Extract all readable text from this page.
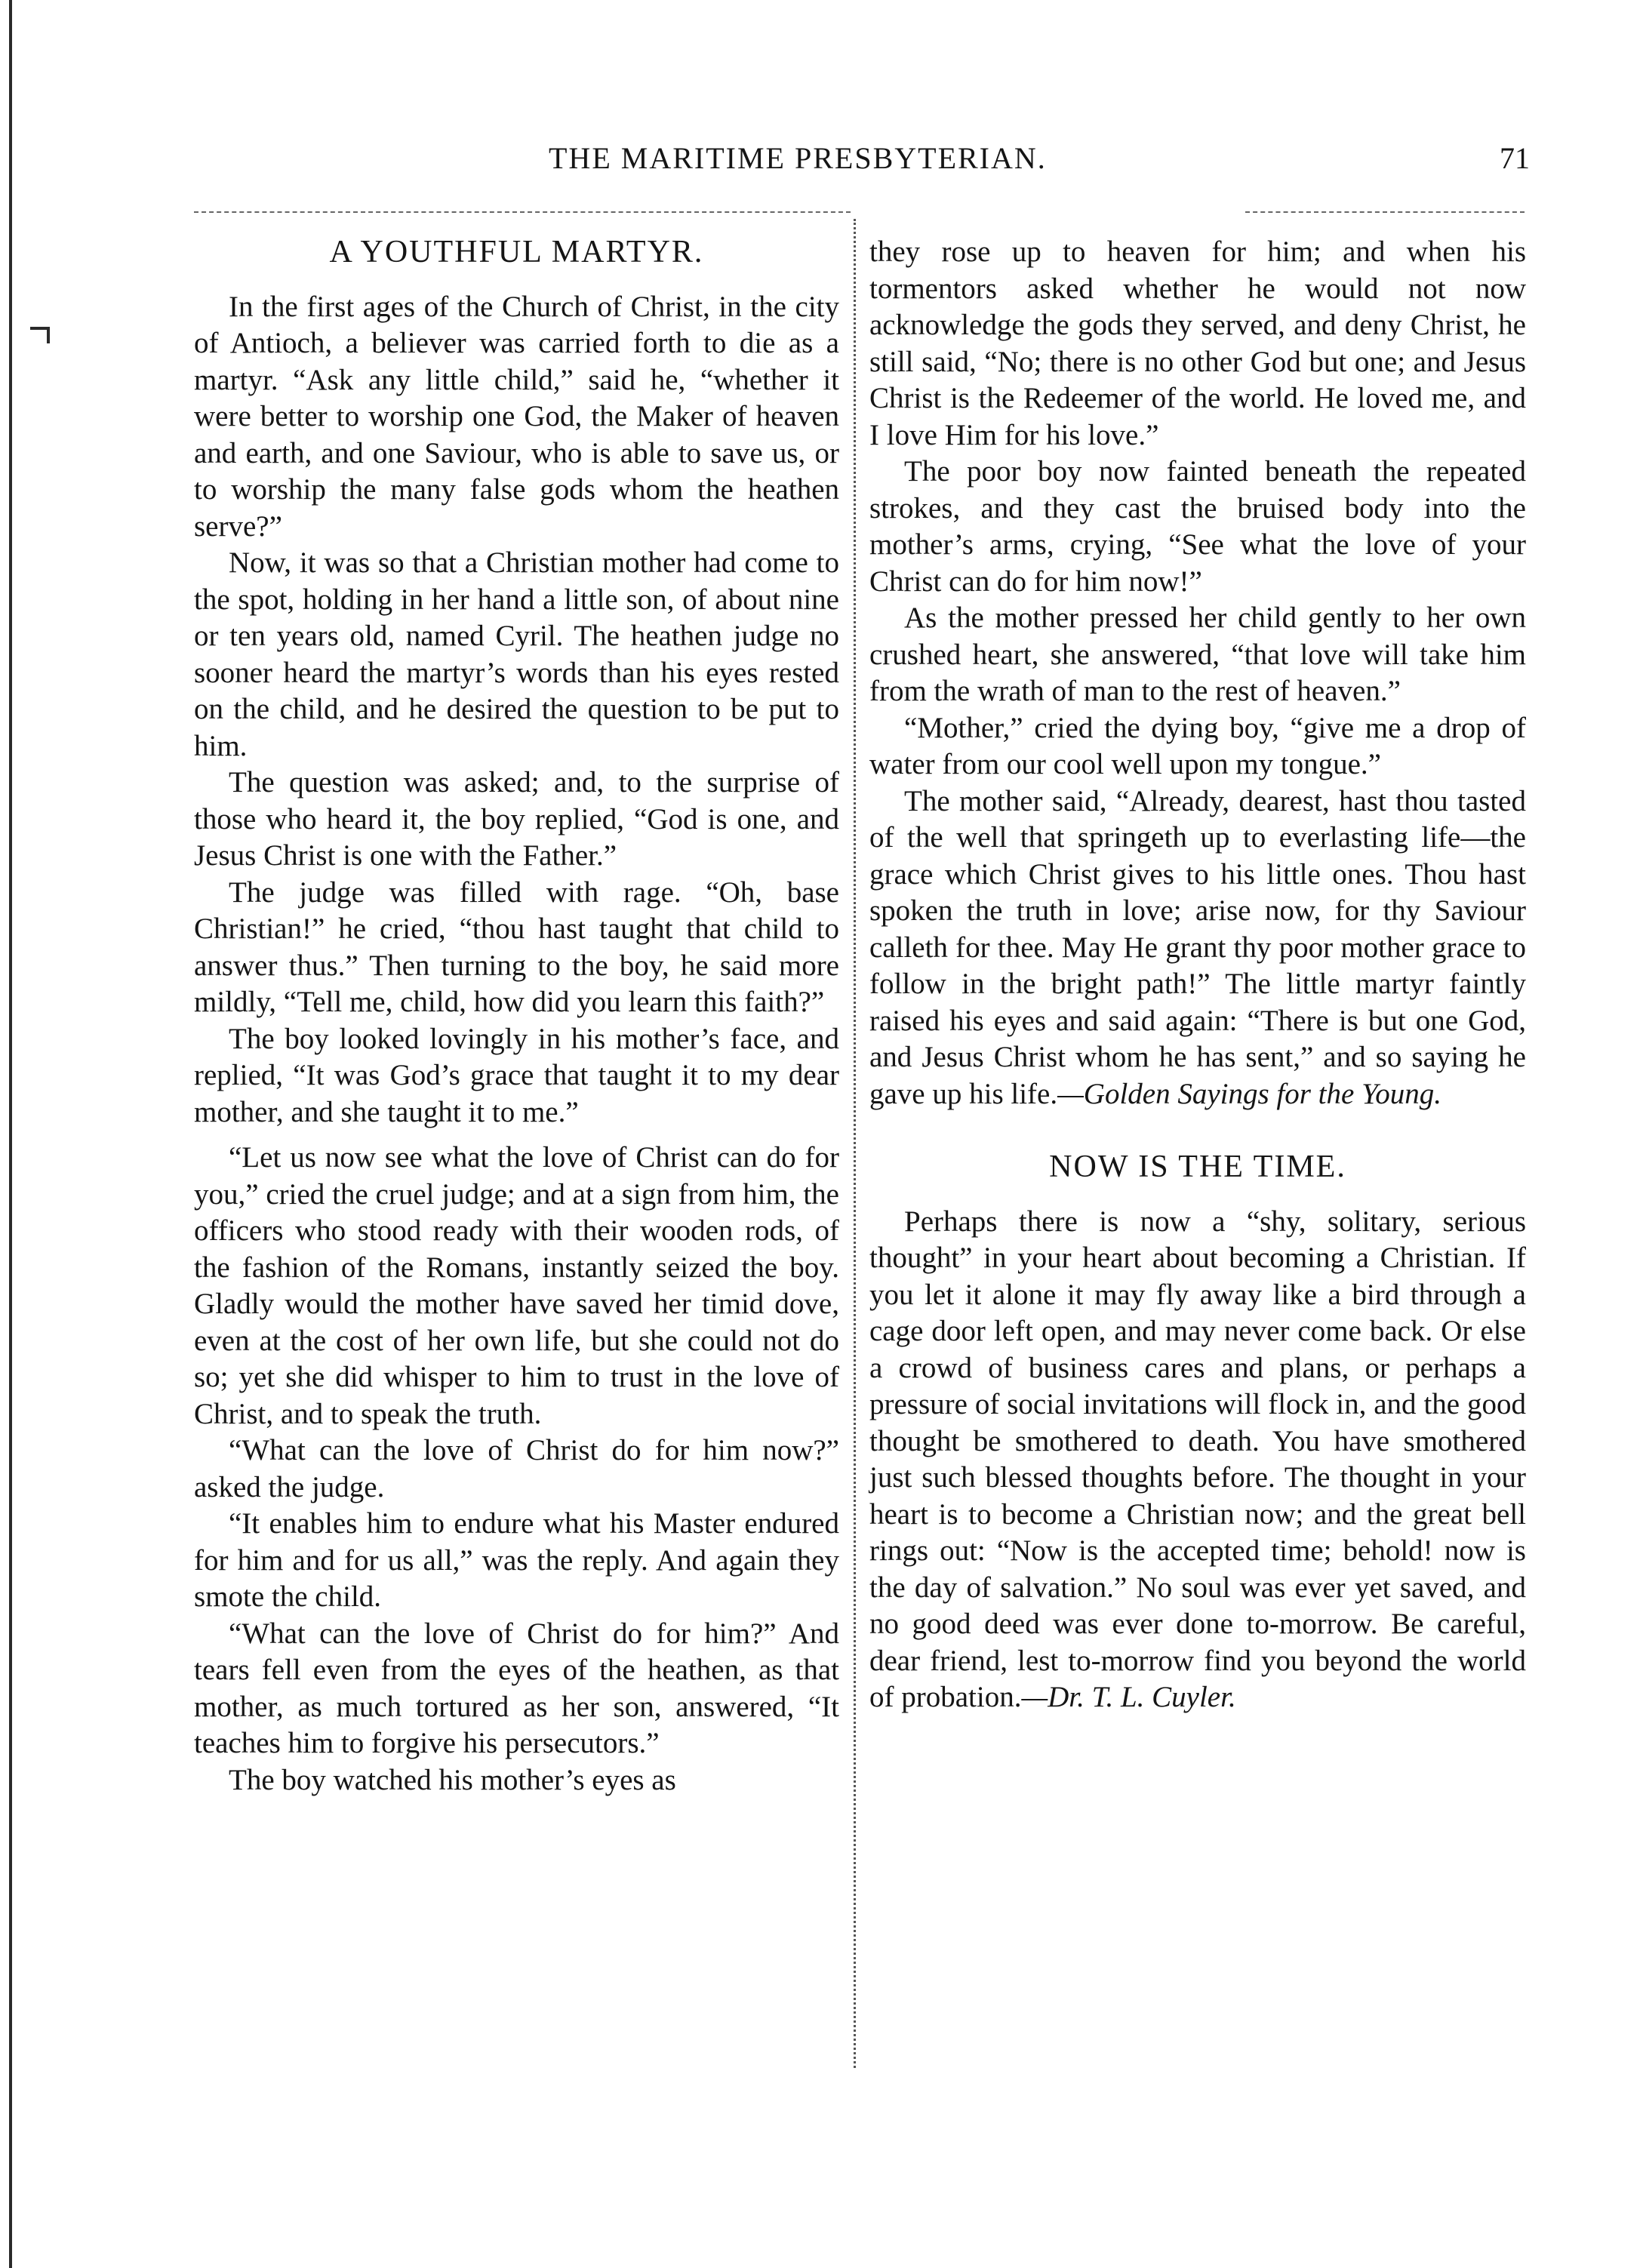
THE MARITIME PRESBYTERIAN.	71
A YOUTHFUL MARTYR.

In the first ages of the Church of Christ, in the city of Antioch, a believer was carried forth to die as a martyr. “Ask any little child,” said he, “whether it were better to worship one God, the Maker of heaven and earth, and one Saviour, who is able to save us, or to worship the many false gods whom the heathen serve?”

Now, it was so that a Christian mother had come to the spot, holding in her hand a little son, of about nine or ten years old, named Cyril. The heathen judge no sooner heard the martyr’s words than his eyes rested on the child, and he desired the question to be put to him.

The question was asked; and, to the surprise of those who heard it, the boy replied, “God is one, and Jesus Christ is one with the Father.”

The judge was filled with rage. “Oh, base Christian!” he cried, “thou hast taught that child to answer thus.” Then turning to the boy, he said more mildly, “Tell me, child, how did you learn this faith?”

The boy looked lovingly in his mother’s face, and replied, “It was God’s grace that taught it to my dear mother, and she taught it to me.”

“Let us now see what the love of Christ can do for you,” cried the cruel judge; and at a sign from him, the officers who stood ready with their wooden rods, of the fashion of the Romans, instantly seized the boy. Gladly would the mother have saved her timid dove, even at the cost of her own life, but she could not do so; yet she did whisper to him to trust in the love of Christ, and to speak the truth.

“What can the love of Christ do for him now?” asked the judge.

“It enables him to endure what his Master endured for him and for us all,” was the reply. And again they smote the child.

“What can the love of Christ do for him?” And tears fell even from the eyes of the heathen, as that mother, as much tortured as her son, answered, “It teaches him to forgive his persecutors.”

The boy watched his mother’s eyes as

they rose up to heaven for him; and when his tormentors asked whether he would not now acknowledge the gods they served, and deny Christ, he still said, “No; there is no other God but one; and Jesus Christ is the Redeemer of the world. He loved me, and I love Him for his love.”

The poor boy now fainted beneath the repeated strokes, and they cast the bruised body into the mother’s arms, crying, “See what the love of your Christ can do for him now!”

As the mother pressed her child gently to her own crushed heart, she answered, “that love will take him from the wrath of man to the rest of heaven.”

“Mother,” cried the dying boy, “give me a drop of water from our cool well upon my tongue.”

The mother said, “Already, dearest, hast thou tasted of the well that springeth up to everlasting life—the grace which Christ gives to his little ones. Thou hast spoken the truth in love; arise now, for thy Saviour calleth for thee. May He grant thy poor mother grace to follow in the bright path!” The little martyr faintly raised his eyes and said again: “There is but one God, and Jesus Christ whom he has sent,” and so saying he gave up his life.—Golden Sayings for the Young.

NOW IS THE TIME.

Perhaps there is now a “shy, solitary, serious thought” in your heart about becoming a Christian. If you let it alone it may fly away like a bird through a cage door left open, and may never come back. Or else a crowd of business cares and plans, or perhaps a pressure of social invitations will flock in, and the good thought be smothered to death. You have smothered just such blessed thoughts before. The thought in your heart is to become a Christian now; and the great bell rings out: “Now is the accepted time; behold! now is the day of salvation.” No soul was ever yet saved, and no good deed was ever done to-morrow. Be careful, dear friend, lest to-morrow find you beyond the world of probation.—Dr. T. L. Cuyler.
